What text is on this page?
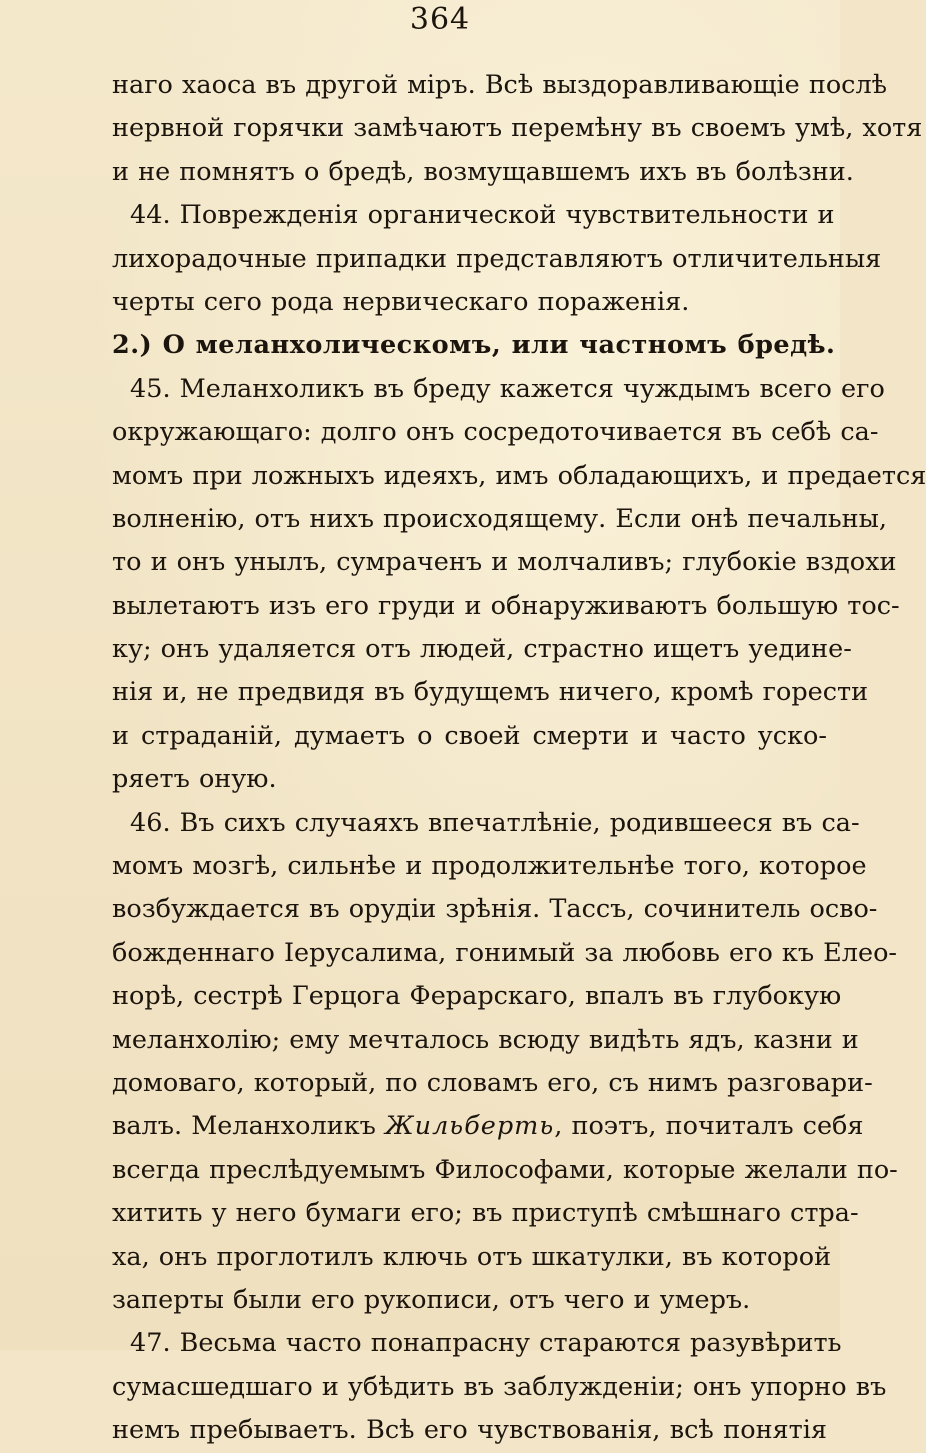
364
наго хаоса въ другой мiръ. Всѣ выздоравливающiе послѣ
нервной горячки замѣчаютъ перемѣну въ своемъ умѣ, хотя
и не помнятъ о бредѣ, возмущавшемъ ихъ въ болѣзни.
44. Поврежденiя органической чувствительности и
лихорадочные припадки представляютъ отличительныя
черты сего рода нервическаго пораженiя.
2.) О меланхолическомъ, или частномъ бредѣ.
45. Меланхоликъ въ бреду кажется чуждымъ всего его
окружающаго: долго онъ сосредоточивается въ себѣ са-
момъ при ложныхъ идеяхъ, имъ обладающихъ, и предается
волненiю, отъ нихъ происходящему. Если онѣ печальны,
то и онъ унылъ, сумраченъ и молчаливъ; глубокiе вздохи
вылетаютъ изъ его груди и обнаруживаютъ большую тос-
ку; онъ удаляется отъ людей, страстно ищетъ уедине-
нiя и, не предвидя въ будущемъ ничего, кромѣ горести
и страданiй, думаетъ о своей смерти и часто уско-
ряетъ оную.
46. Въ сихъ случаяхъ впечатлѣнiе, родившееся въ са-
момъ мозгѣ, сильнѣе и продолжительнѣе того, которое
возбуждается въ орудiи зрѣнiя. Тассъ, сочинитель осво-
божденнаго Iерусалима, гонимый за любовь его къ Елео-
норѣ, сестрѣ Герцога Ферарскаго, впалъ въ глубокую
меланхолiю; ему мечталось всюду видѣть ядъ, казни и
домоваго, который, по словамъ его, съ нимъ разговари-
валъ. Меланхоликъ Жильберть, поэтъ, почиталъ себя
всегда преслѣдуемымъ Философами, которые желали по-
хитить у него бумаги его; въ приступѣ смѣшнаго стра-
ха, онъ проглотилъ ключь отъ шкатулки, въ которой
заперты были его рукописи, отъ чего и умеръ.
47. Весьма часто понапрасну стараются разувѣрить
сумасшедшаго и убѣдить въ заблужденiи; онъ упорно въ
немъ пребываетъ. Всѣ его чувствованiя, всѣ понятiя
